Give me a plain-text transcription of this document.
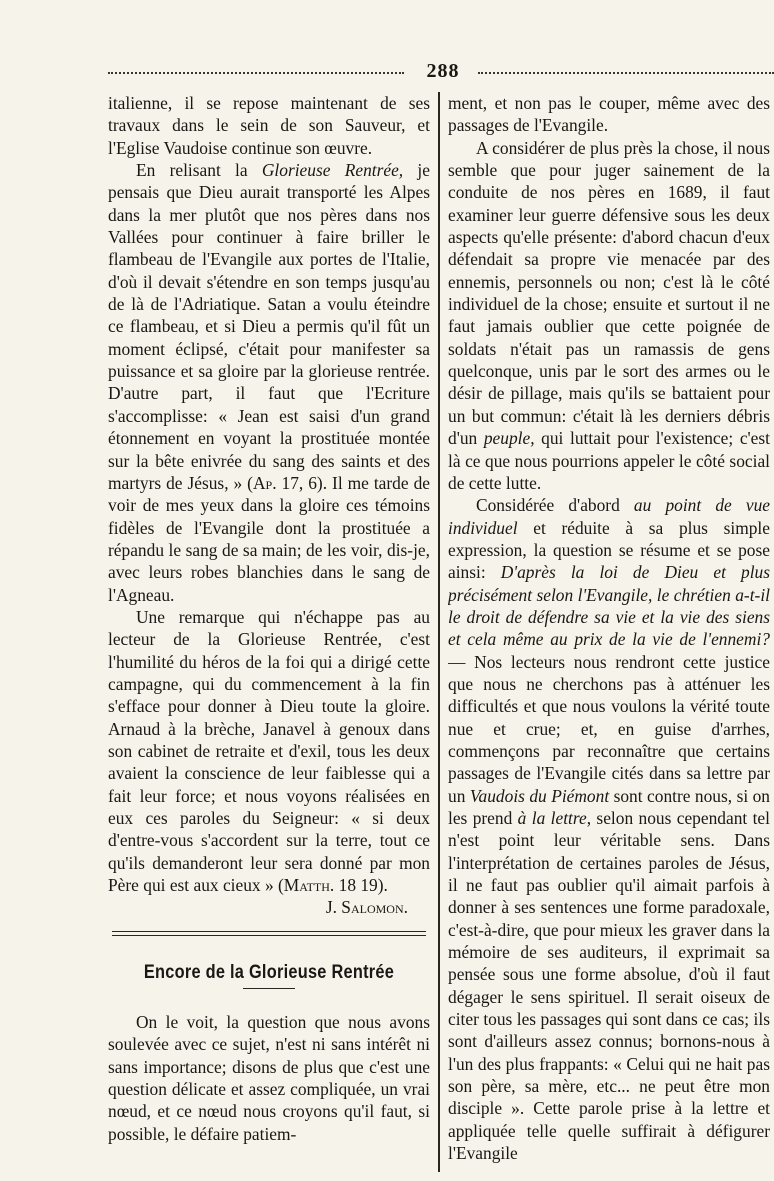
288

italienne, il se repose maintenant de ses travaux dans le sein de son Sauveur, et l'Eglise Vaudoise continue son œuvre.

En relisant la Glorieuse Rentrée, je pensais que Dieu aurait transporté les Alpes dans la mer plutôt que nos pères dans nos Vallées pour continuer à faire briller le flambeau de l'Evangile aux portes de l'Italie, d'où il devait s'étendre en son temps jusqu'au de là de l'Adriatique. Satan a voulu éteindre ce flambeau, et si Dieu a permis qu'il fût un moment éclipsé, c'était pour manifester sa puissance et sa gloire par la glorieuse rentrée. D'autre part, il faut que l'Ecriture s'accomplisse: « Jean est saisi d'un grand étonnement en voyant la prostituée montée sur la bête enivrée du sang des saints et des martyrs de Jésus, » (Ap. 17, 6). Il me tarde de voir de mes yeux dans la gloire ces témoins fidèles de l'Evangile dont la prostituée a répandu le sang de sa main; de les voir, dis-je, avec leurs robes blanchies dans le sang de l'Agneau.

Une remarque qui n'échappe pas au lecteur de la Glorieuse Rentrée, c'est l'humilité du héros de la foi qui a dirigé cette campagne, qui du commencement à la fin s'efface pour donner à Dieu toute la gloire. Arnaud à la brèche, Janavel à genoux dans son cabinet de retraite et d'exil, tous les deux avaient la conscience de leur faiblesse qui a fait leur force; et nous voyons réalisées en eux ces paroles du Seigneur: « si deux d'entre-vous s'accordent sur la terre, tout ce qu'ils demanderont leur sera donné par mon Père qui est aux cieux » (Matth. 18 19).

J. Salomon.

Encore de la Glorieuse Rentrée

On le voit, la question que nous avons soulevée avec ce sujet, n'est ni sans intérêt ni sans importance; disons de plus que c'est une question délicate et assez compliquée, un vrai nœud, et ce nœud nous croyons qu'il faut, si possible, le défaire patiem-

ment, et non pas le couper, même avec des passages de l'Evangile.

A considérer de plus près la chose, il nous semble que pour juger sainement de la conduite de nos pères en 1689, il faut examiner leur guerre défensive sous les deux aspects qu'elle présente: d'abord chacun d'eux défendait sa propre vie menacée par des ennemis, personnels ou non; c'est là le côté individuel de la chose; ensuite et surtout il ne faut jamais oublier que cette poignée de soldats n'était pas un ramassis de gens quelconque, unis par le sort des armes ou le désir de pillage, mais qu'ils se battaient pour un but commun: c'était là les derniers débris d'un peuple, qui luttait pour l'existence; c'est là ce que nous pourrions appeler le côté social de cette lutte.

Considérée d'abord au point de vue individuel et réduite à sa plus simple expression, la question se résume et se pose ainsi: D'après la loi de Dieu et plus précisément selon l'Evangile, le chrétien a-t-il le droit de défendre sa vie et la vie des siens et cela même au prix de la vie de l'ennemi? — Nos lecteurs nous rendront cette justice que nous ne cherchons pas à atténuer les difficultés et que nous voulons la vérité toute nue et crue; et, en guise d'arrhes, commençons par reconnaître que certains passages de l'Evangile cités dans sa lettre par un Vaudois du Piémont sont contre nous, si on les prend à la lettre, selon nous cependant tel n'est point leur véritable sens. Dans l'interprétation de certaines paroles de Jésus, il ne faut pas oublier qu'il aimait parfois à donner à ses sentences une forme paradoxale, c'est-à-dire, que pour mieux les graver dans la mémoire de ses auditeurs, il exprimait sa pensée sous une forme absolue, d'où il faut dégager le sens spirituel. Il serait oiseux de citer tous les passages qui sont dans ce cas; ils sont d'ailleurs assez connus; bornons-nous à l'un des plus frappants: « Celui qui ne hait pas son père, sa mère, etc... ne peut être mon disciple ». Cette parole prise à la lettre et appliquée telle quelle suffirait à défigurer l'Evangile
